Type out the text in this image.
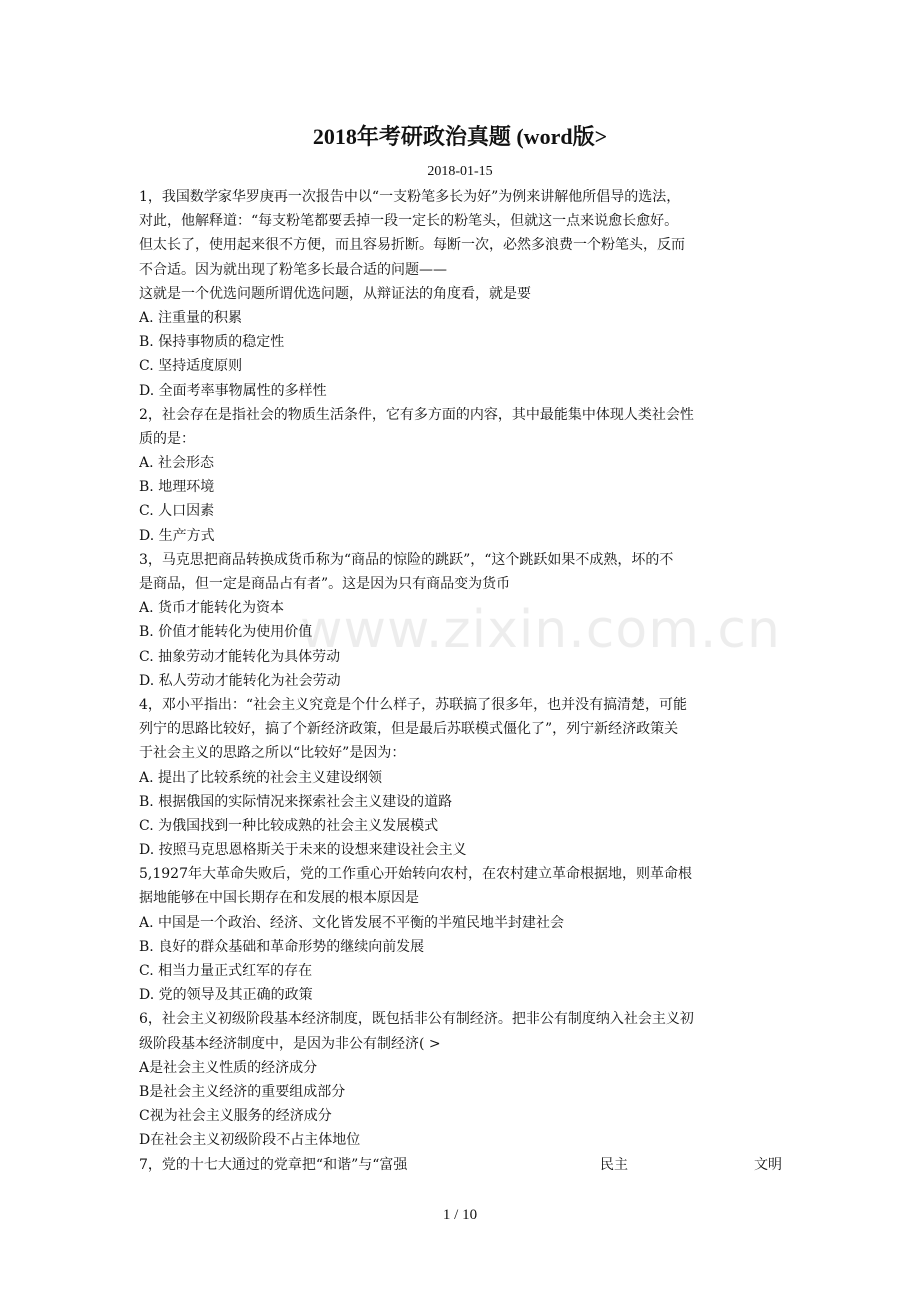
2018年考研政治真题 (word版>
2018-01-15
1，我国数学家华罗庚再一次报告中以“一支粉笔多长为好”为例来讲解他所倡导的选法，
对此，他解释道：“每支粉笔都要丢掉一段一定长的粉笔头，但就这一点来说愈长愈好。
但太长了，使用起来很不方便，而且容易折断。每断一次，必然多浪费一个粉笔头，反而
不合适。因为就出现了粉笔多长最合适的问题——
这就是一个优选问题所谓优选问题，从辩证法的角度看，就是要
A. 注重量的积累
B. 保持事物质的稳定性
C. 坚持适度原则
D. 全面考率事物属性的多样性
2，社会存在是指社会的物质生活条件，它有多方面的内容，其中最能集中体现人类社会性
质的是：
A. 社会形态
B. 地理环境
C. 人口因素
D. 生产方式
3，马克思把商品转换成货币称为“商品的惊险的跳跃”，“这个跳跃如果不成熟，坏的不
是商品，但一定是商品占有者”。这是因为只有商品变为货币
A. 货币才能转化为资本
B. 价值才能转化为使用价值
C. 抽象劳动才能转化为具体劳动
D. 私人劳动才能转化为社会劳动
4，邓小平指出：“社会主义究竟是个什么样子，苏联搞了很多年，也并没有搞清楚，可能
列宁的思路比较好，搞了个新经济政策，但是最后苏联模式僵化了”，列宁新经济政策关
于社会主义的思路之所以“比较好”是因为：
A. 提出了比较系统的社会主义建设纲领
B. 根据俄国的实际情况来探索社会主义建设的道路
C. 为俄国找到一种比较成熟的社会主义发展模式
D. 按照马克思恩格斯关于未来的设想来建设社会主义
5,1927年大革命失败后，党的工作重心开始转向农村，在农村建立革命根据地，则革命根
据地能够在中国长期存在和发展的根本原因是
A. 中国是一个政治、经济、文化皆发展不平衡的半殖民地半封建社会
B. 良好的群众基础和革命形势的继续向前发展
C. 相当力量正式红军的存在
D. 党的领导及其正确的政策
6，社会主义初级阶段基本经济制度，既包括非公有制经济。把非公有制度纳入社会主义初
级阶段基本经济制度中，是因为非公有制经济( >
A是社会主义性质的经济成分
B是社会主义经济的重要组成部分
C视为社会主义服务的经济成分
D在社会主义初级阶段不占主体地位
7，党的十七大通过的党章把“和谐”与“富强	民主	文明
www.zixin.com.cn
1 / 10
